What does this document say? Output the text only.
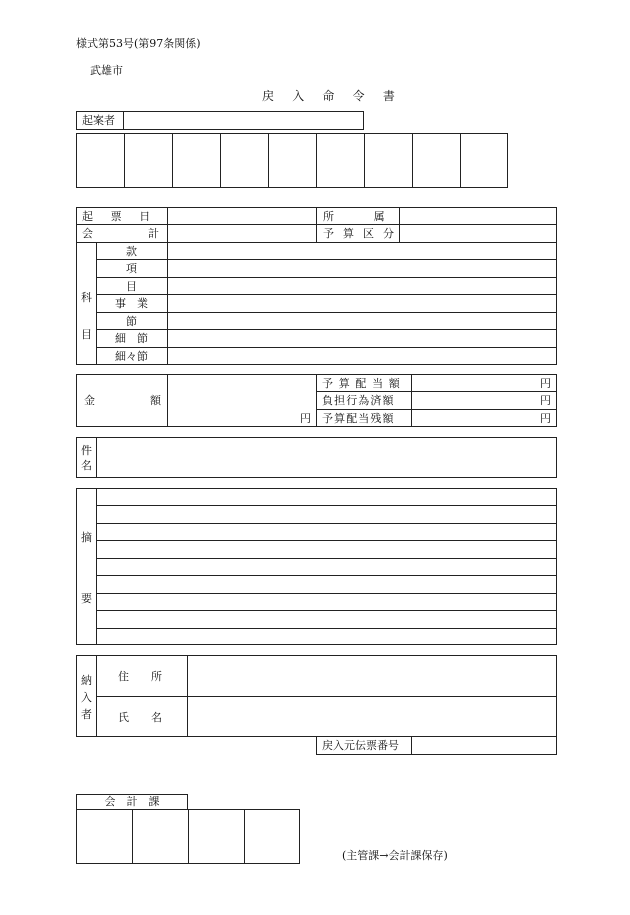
様式第53号(第97条関係)
武雄市
戻 入 命 令 書
起案者
起　票　日	所　　　属
会　　　　計	予 算 区 分
科　目
款
項
目
事　業
節
細　節
細々節
金	額
円
予 算 配 当 額	円
負担行為済額	円
予算配当残額	円
件名
摘
要
納入者
住　　所
氏　　名
戻入元伝票番号
会　計　課
(主管課→会計課保存)
